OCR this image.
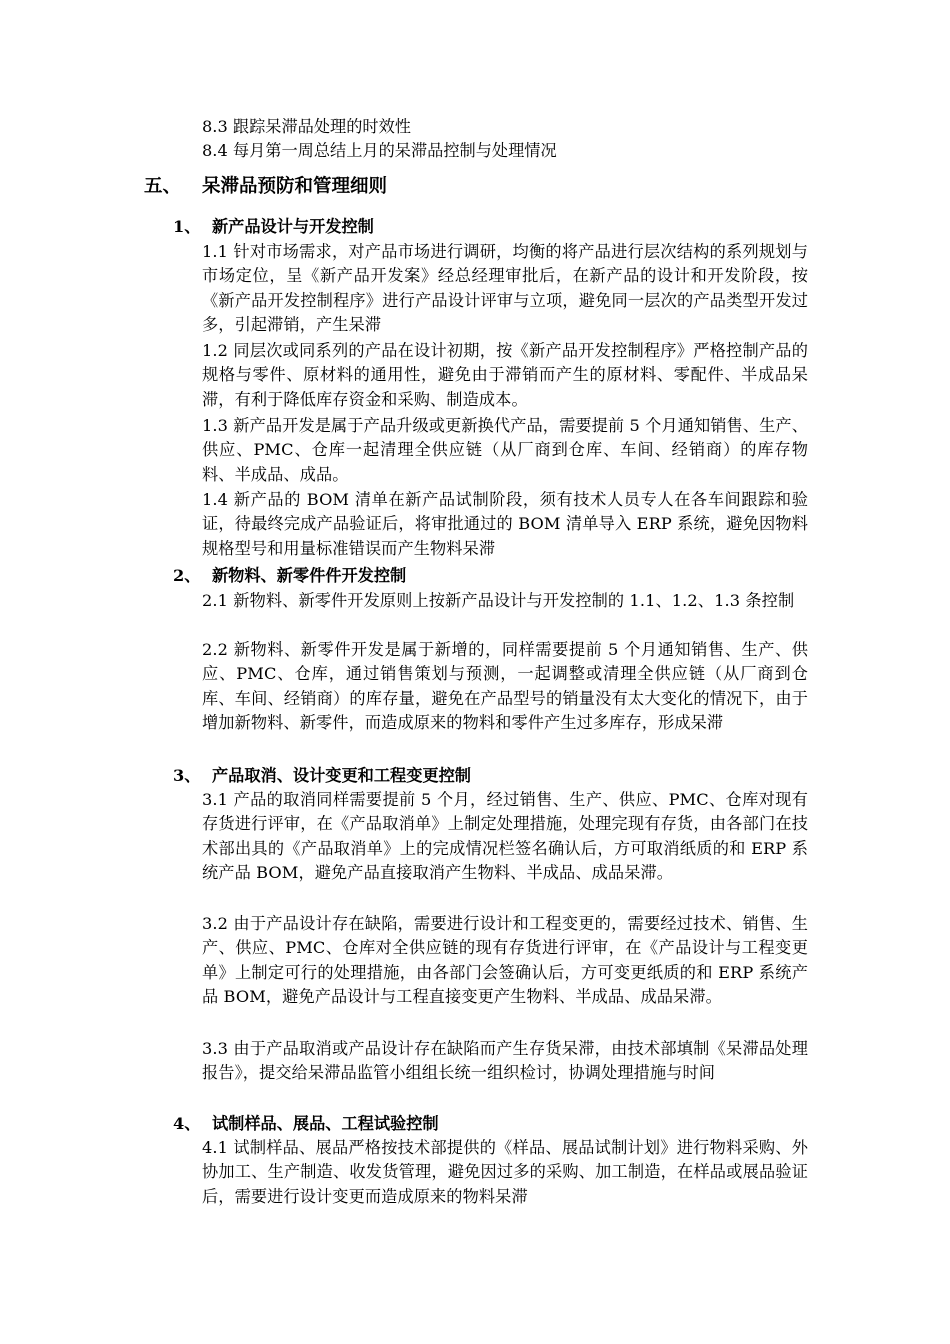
8.3 跟踪呆滞品处理的时效性

8.4 每月第一周总结上月的呆滞品控制与处理情况

五、 呆滞品预防和管理细则
1、 新产品设计与开发控制

1.1 针对市场需求，对产品市场进行调研，均衡的将产品进行层次结构的系列规划与市场定位，呈《新产品开发案》经总经理审批后，在新产品的设计和开发阶段，按《新产品开发控制程序》进行产品设计评审与立项，避免同一层次的产品类型开发过多，引起滞销，产生呆滞

1.2 同层次或同系列的产品在设计初期，按《新产品开发控制程序》严格控制产品的规格与零件、原材料的通用性，避免由于滞销而产生的原材料、零配件、半成品呆滞，有利于降低库存资金和采购、制造成本。

1.3 新产品开发是属于产品升级或更新换代产品，需要提前 5 个月通知销售、生产、供应、PMC、仓库一起清理全供应链（从厂商到仓库、车间、经销商）的库存物料、半成品、成品。

1.4 新产品的 BOM 清单在新产品试制阶段，须有技术人员专人在各车间跟踪和验证，待最终完成产品验证后，将审批通过的 BOM 清单导入 ERP 系统，避免因物料规格型号和用量标准错误而产生物料呆滞

2、 新物料、新零件件开发控制

2.1 新物料、新零件开发原则上按新产品设计与开发控制的 1.1、1.2、1.3 条控制

2.2 新物料、新零件开发是属于新增的，同样需要提前 5 个月通知销售、生产、供应、PMC、仓库，通过销售策划与预测，一起调整或清理全供应链（从厂商到仓库、车间、经销商）的库存量，避免在产品型号的销量没有太大变化的情况下，由于增加新物料、新零件，而造成原来的物料和零件产生过多库存，形成呆滞

3、 产品取消、设计变更和工程变更控制

3.1 产品的取消同样需要提前 5 个月，经过销售、生产、供应、PMC、仓库对现有存货进行评审，在《产品取消单》上制定处理措施，处理完现有存货，由各部门在技术部出具的《产品取消单》上的完成情况栏签名确认后，方可取消纸质的和 ERP 系统产品 BOM，避免产品直接取消产生物料、半成品、成品呆滞。

3.2 由于产品设计存在缺陷，需要进行设计和工程变更的，需要经过技术、销售、生产、供应、PMC、仓库对全供应链的现有存货进行评审，在《产品设计与工程变更单》上制定可行的处理措施，由各部门会签确认后，方可变更纸质的和 ERP 系统产品 BOM，避免产品设计与工程直接变更产生物料、半成品、成品呆滞。

3.3 由于产品取消或产品设计存在缺陷而产生存货呆滞，由技术部填制《呆滞品处理报告》，提交给呆滞品监管小组组长统一组织检讨，协调处理措施与时间

4、 试制样品、展品、工程试验控制

4.1 试制样品、展品严格按技术部提供的《样品、展品试制计划》进行物料采购、外协加工、生产制造、收发货管理，避免因过多的采购、加工制造，在样品或展品验证后，需要进行设计变更而造成原来的物料呆滞
